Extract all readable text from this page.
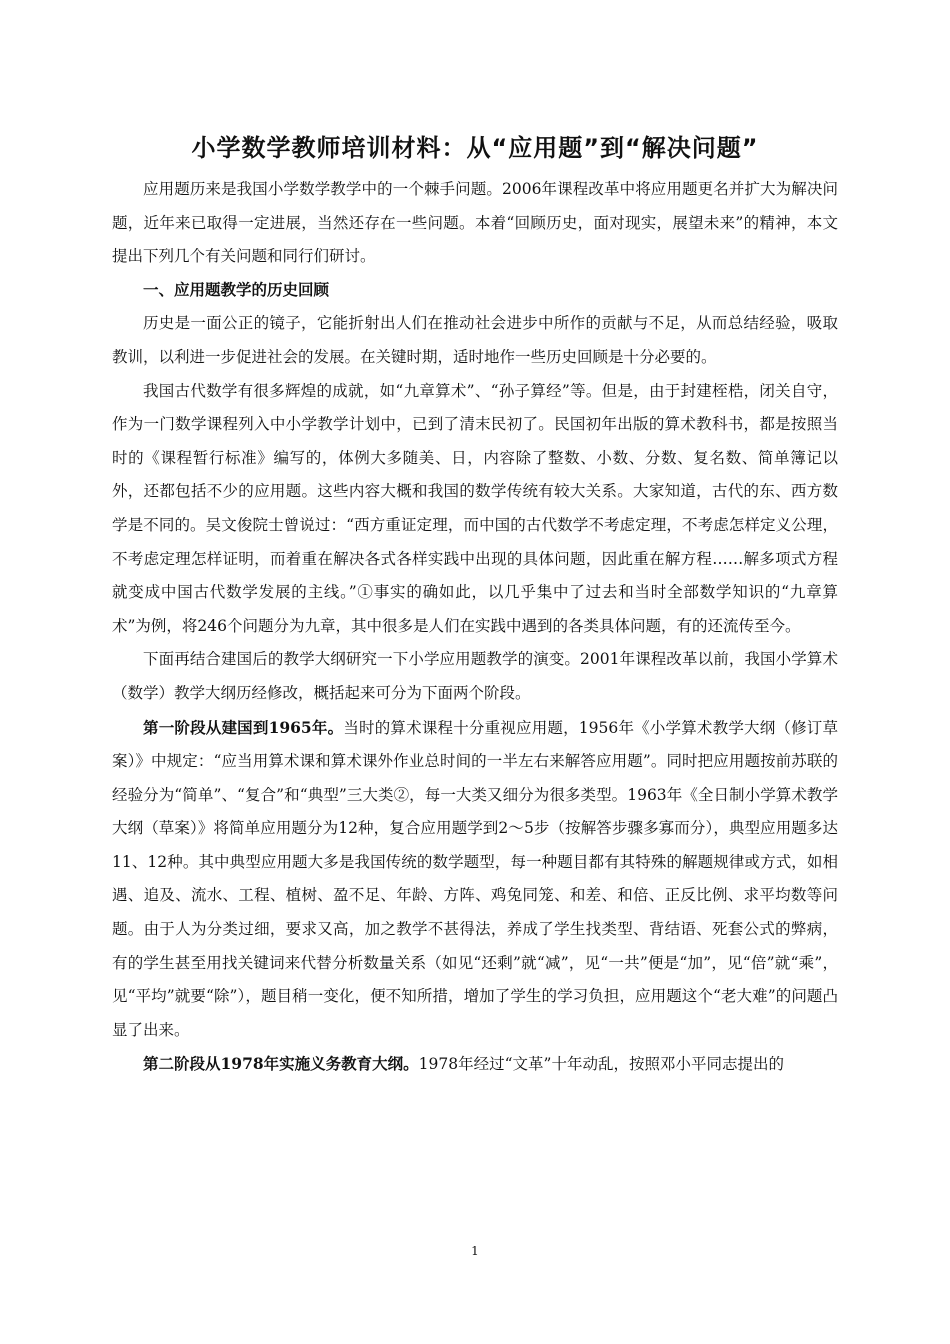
小学数学教师培训材料：从“应用题”到“解决问题”

应用题历来是我国小学数学教学中的一个棘手问题。2006年课程改革中将应用题更名并扩大为解决问题，近年来已取得一定进展，当然还存在一些问题。本着“回顾历史，面对现实，展望未来”的精神，本文提出下列几个有关问题和同行们研讨。

一、应用题教学的历史回顾

历史是一面公正的镜子，它能折射出人们在推动社会进步中所作的贡献与不足，从而总结经验，吸取教训，以利进一步促进社会的发展。在关键时期，适时地作一些历史回顾是十分必要的。

我国古代数学有很多辉煌的成就，如“九章算术”、“孙子算经”等。但是，由于封建桎梏，闭关自守，作为一门数学课程列入中小学教学计划中，已到了清末民初了。民国初年出版的算术教科书，都是按照当时的《课程暂行标准》编写的，体例大多随美、日，内容除了整数、小数、分数、复名数、简单簿记以外，还都包括不少的应用题。这些内容大概和我国的数学传统有较大关系。大家知道，古代的东、西方数学是不同的。吴文俊院士曾说过：“西方重证定理，而中国的古代数学不考虑定理，不考虑怎样定义公理，不考虑定理怎样证明，而着重在解决各式各样实践中出现的具体问题，因此重在解方程……解多项式方程就变成中国古代数学发展的主线。”①事实的确如此，以几乎集中了过去和当时全部数学知识的“九章算术”为例，将246个问题分为九章，其中很多是人们在实践中遇到的各类具体问题，有的还流传至今。

下面再结合建国后的教学大纲研究一下小学应用题教学的演变。2001年课程改革以前，我国小学算术（数学）教学大纲历经修改，概括起来可分为下面两个阶段。

第一阶段从建国到1965年。当时的算术课程十分重视应用题，1956年《小学算术教学大纲（修订草案）》中规定：“应当用算术课和算术课外作业总时间的一半左右来解答应用题”。同时把应用题按前苏联的经验分为“简单”、“复合”和“典型”三大类②，每一大类又细分为很多类型。1963年《全日制小学算术教学大纲（草案）》将简单应用题分为12种，复合应用题学到2～5步（按解答步骤多寡而分），典型应用题多达11、12种。其中典型应用题大多是我国传统的数学题型，每一种题目都有其特殊的解题规律或方式，如相遇、追及、流水、工程、植树、盈不足、年龄、方阵、鸡兔同笼、和差、和倍、正反比例、求平均数等问题。由于人为分类过细，要求又高，加之教学不甚得法，养成了学生找类型、背结语、死套公式的弊病，有的学生甚至用找关键词来代替分析数量关系（如见“还剩”就“减”，见“一共”便是“加”，见“倍”就“乘”，见“平均”就要“除”），题目稍一变化，便不知所措，增加了学生的学习负担，应用题这个“老大难”的问题凸显了出来。

第二阶段从1978年实施义务教育大纲。1978年经过“文革”十年动乱，按照邓小平同志提出的

1
